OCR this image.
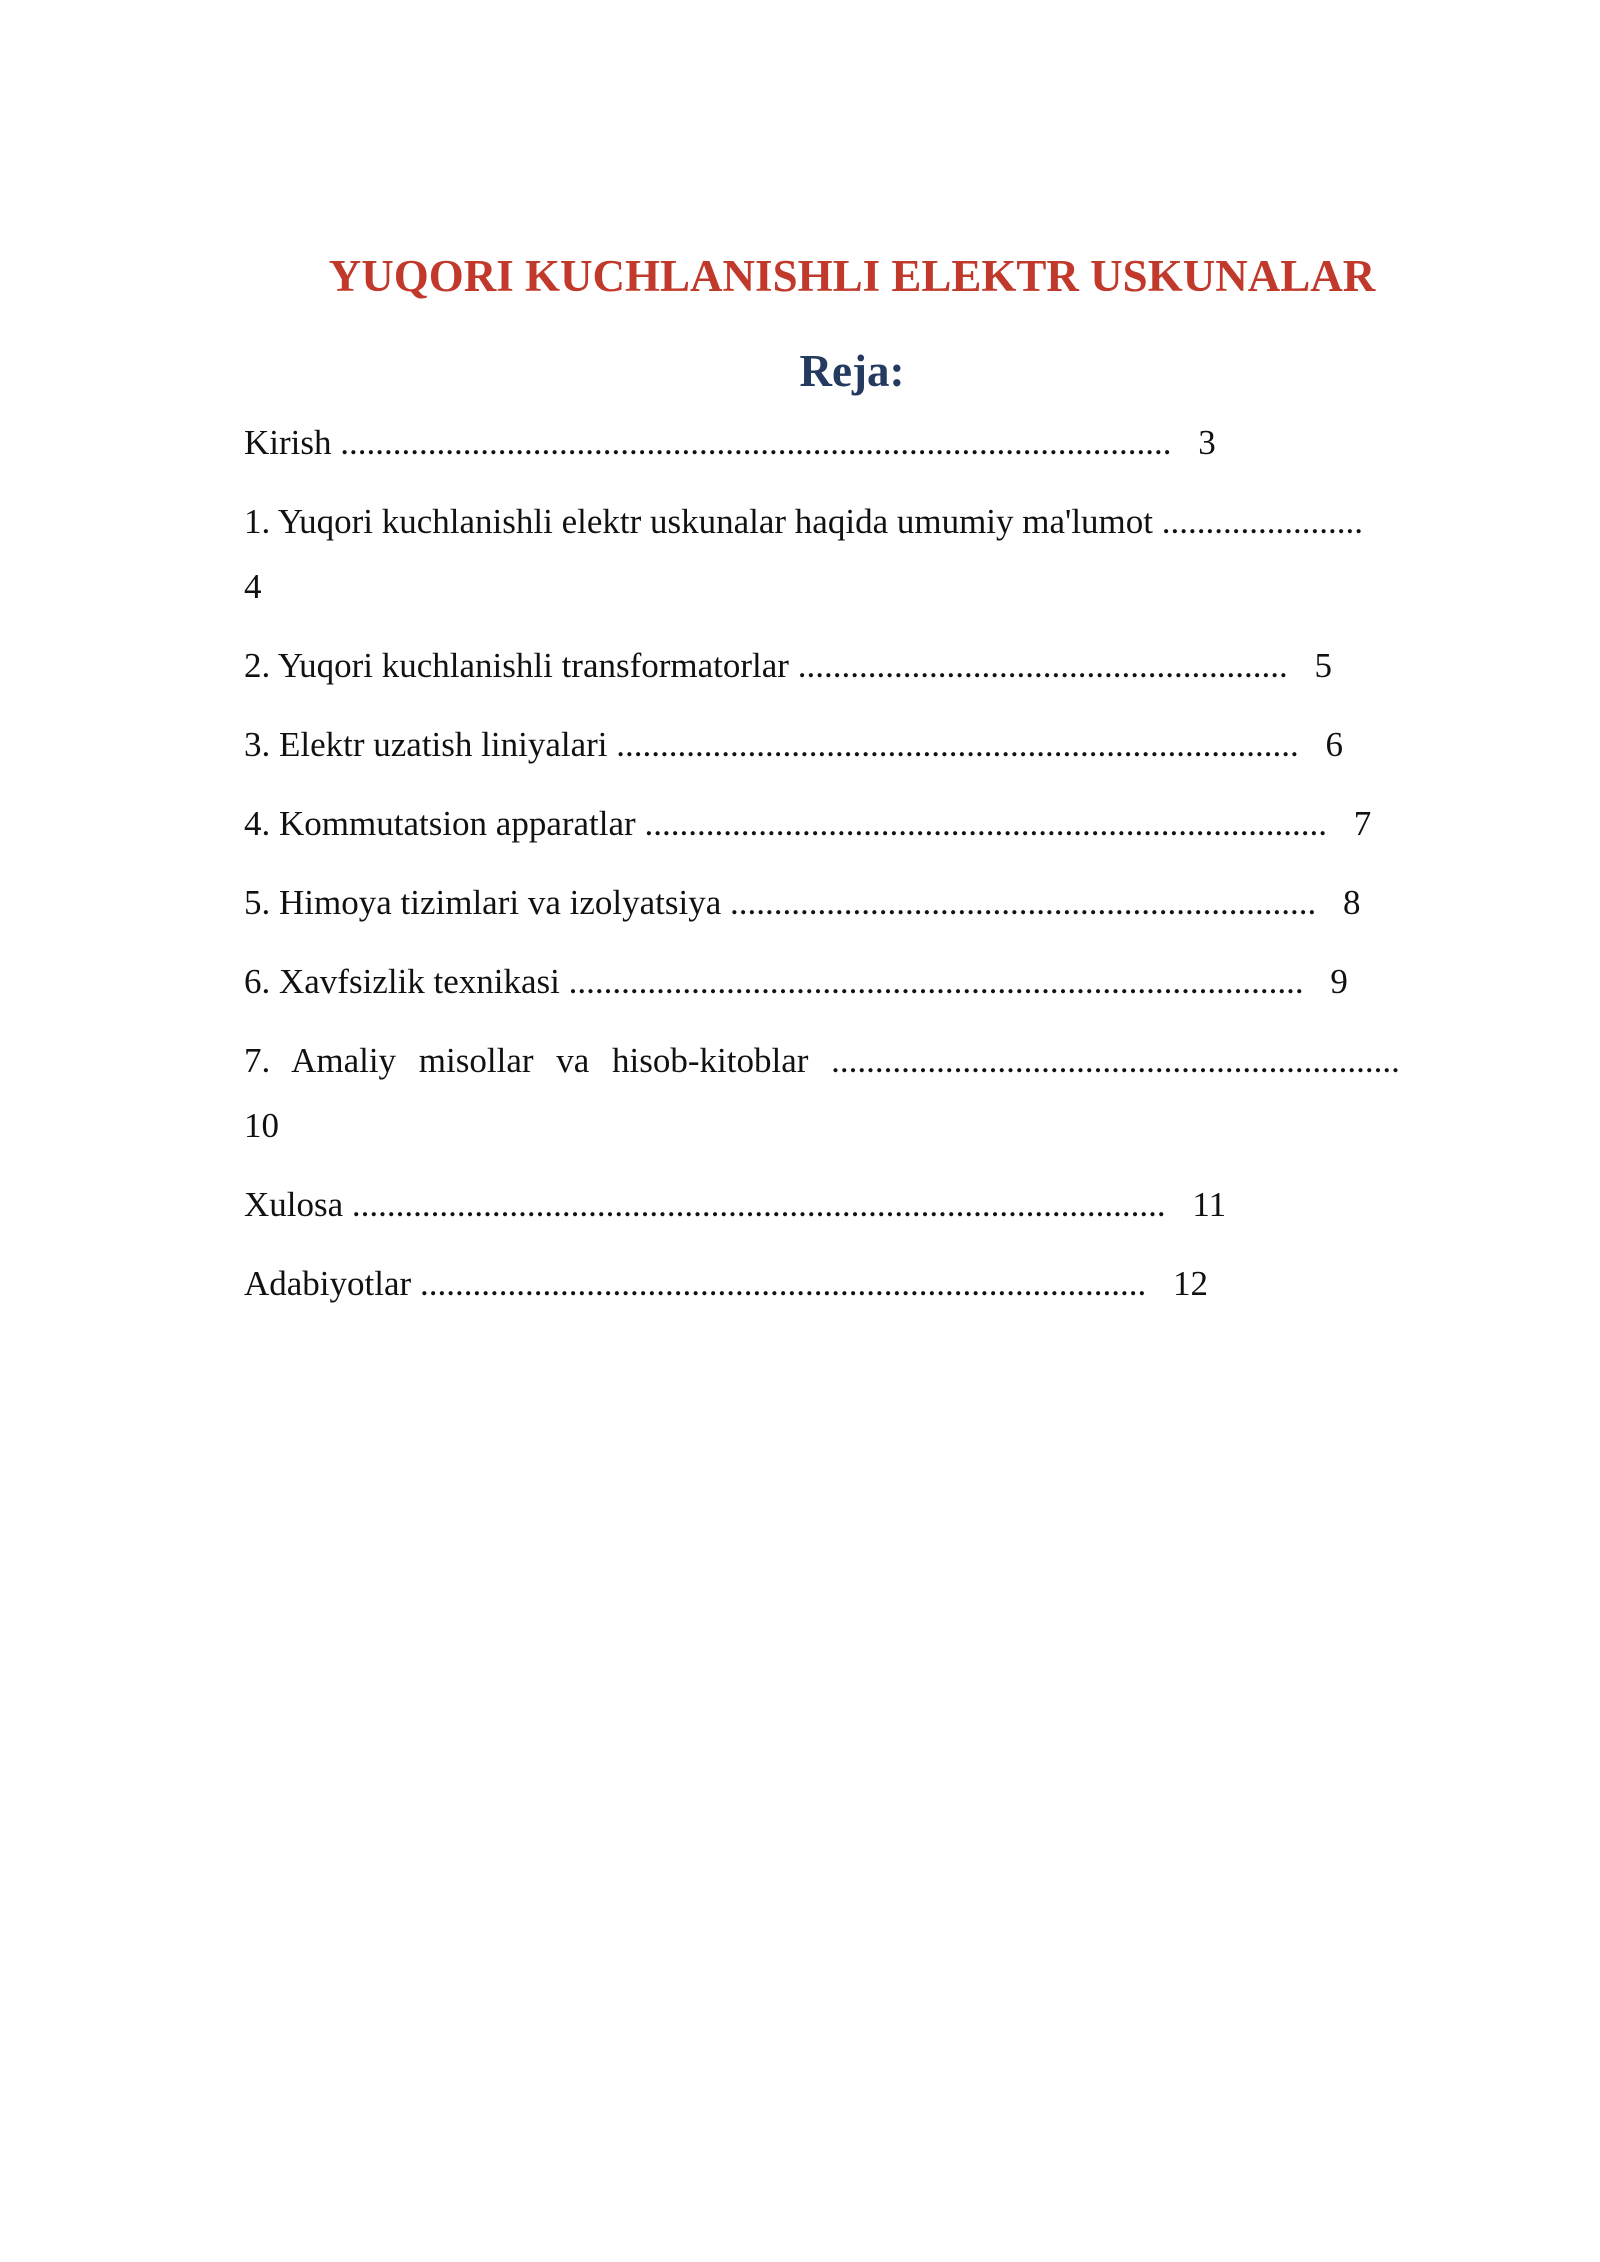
YUQORI KUCHLANISHLI ELEKTR USKUNALAR
Reja:
Kirish ............................................................................................... 3
1. Yuqori kuchlanishli elektr uskunalar haqida umumiy ma'lumot .......................
4
2. Yuqori kuchlanishli transformatorlar ........................................................ 5
3. Elektr uzatish liniyalari .............................................................................. 6
4. Kommutatsion apparatlar .............................................................................. 7
5. Himoya tizimlari va izolyatsiya ................................................................... 8
6. Xavfsizlik texnikasi .................................................................................... 9
7. Amaliy misollar va hisob-kitoblar .................................................................
10
Xulosa ............................................................................................. 11
Adabiyotlar ................................................................................... 12
